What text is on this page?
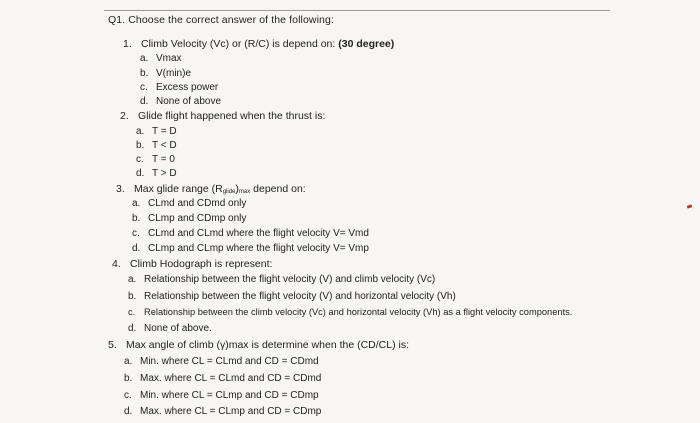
Q1. Choose the correct answer of the following:
1. Climb Velocity (Vc) or (R/C) is depend on: (30 degree)
a. Vmax
b. V(min)e
c. Excess power
d. None of above
2. Glide flight happened when the thrust is:
a. T = D
b. T < D
c. T = 0
d. T > D
3. Max glide range (Rglide)max depend on:
a. CLmd and CDmd only
b. CLmp and CDmp only
c. CLmd and CLmd where the flight velocity V= Vmd
d. CLmp and CLmp where the flight velocity V= Vmp
4. Climb Hodograph is represent:
a. Relationship between the flight velocity (V) and climb velocity (Vc)
b. Relationship between the flight velocity (V) and horizontal velocity (Vh)
c. Relationship between the climb velocity (Vc) and horizontal velocity (Vh) as a flight velocity components.
d. None of above.
5. Max angle of climb (γ)max is determine when the (CD/CL) is:
a. Min. where CL = CLmd and CD = CDmd
b. Max. where CL = CLmd and CD = CDmd
c. Min. where CL = CLmp and CD = CDmp
d. Max. where CL = CLmp and CD = CDmp
